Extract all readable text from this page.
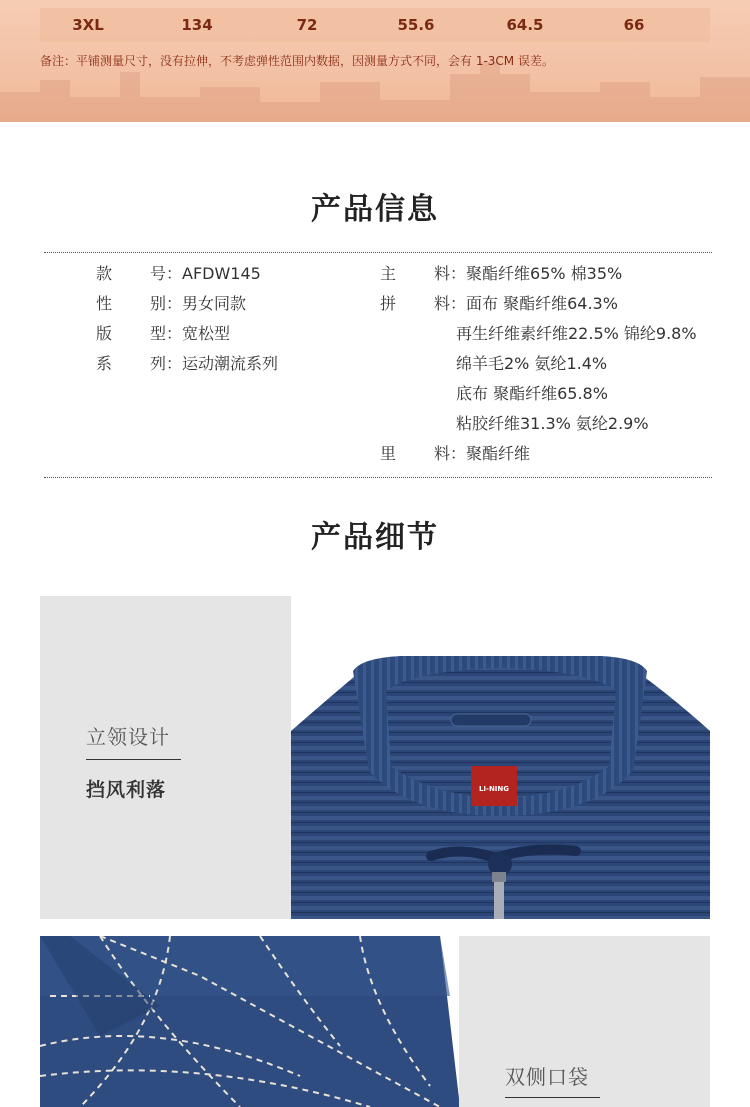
3XL	134	72	55.6	64.5	66
备注：平铺测量尺寸，没有拉伸，不考虑弹性范围内数据，因测量方式不同，会有 1-3CM 误差。
产品信息
款号：AFDW145
性别：男女同款
版型：宽松型
系列：运动潮流系列
主料：聚酯纤维65% 棉35%
拼料：面布 聚酯纤维64.3%
再生纤维素纤维22.5% 锦纶9.8%
绵羊毛2% 氨纶1.4%
底布 聚酯纤维65.8%
粘胶纤维31.3% 氨纶2.9%
里料：聚酯纤维
产品细节
立领设计
挡风利落	LI-NING
双侧口袋
